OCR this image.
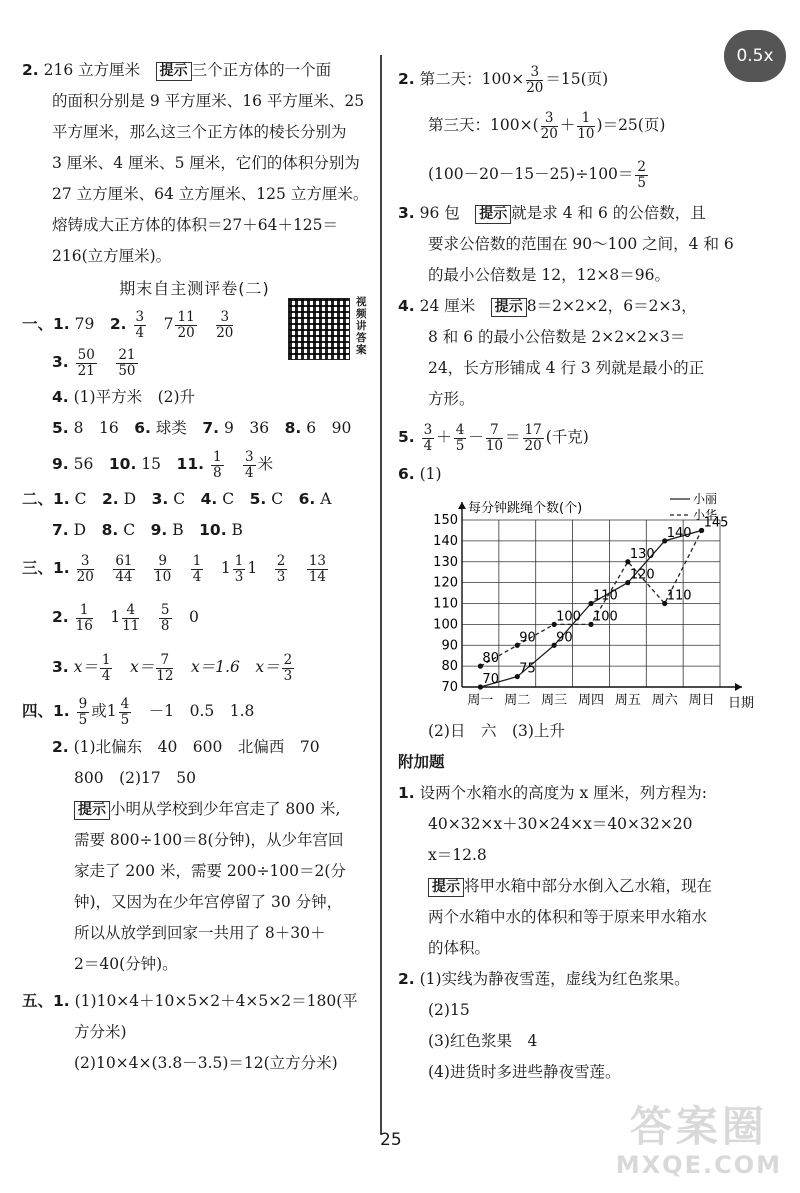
0.5x
2. 216 立方厘米　 提示 三个正方体的一个面
的面积分别是 9 平方厘米、16 平方厘米、25
平方厘米，那么这三个正方体的棱长分别为
3 厘米、4 厘米、5 厘米，它们的体积分别为
27 立方厘米、64 立方厘米、125 立方厘米。
熔铸成大正方体的体积＝27＋64＋125＝
216(立方厘米)。
期末自主测评卷(二)
一、1. 79　 2. $\frac{3}{4}$
　 $7 \frac{11}{20}$
　 $\frac{3}{20}$
3. $\frac{50}{21}$
　 $\frac{21}{50}$
4. (1)平方米　(2)升
5. 8　16　 6. 球类　 7. 9　36　 8. 6　90
9. 56　 10. 15　 11. $\frac{1}{8}$
　 $\frac{3}{4}$ 米
二、1. C　 2. D　 3. C　 4. C　 5. C　 6. A
7. D　 8. C　 9. B　 10. B
三、1. $\frac{3}{20}$
　 $\frac{61}{44}$
　 $\frac{9}{10}$
　 $\frac{1}{4}$
　 $1 \frac{1}{3} 1$　 $\frac{2}{3}$
　 $\frac{13}{14}$
2. $\frac{1}{16}$
　 $1 \frac{4}{11}$
　 $\frac{5}{8}$
　 0
3. $x= \frac{1}{4}$
　 $x= \frac{7}{12}$
　 x＝1.6　 $x= \frac{2}{3}$
四、1. $\frac{9}{5}$ 或$1 \frac{4}{5}$
　 －1　0.5　1.8
2. (1)北偏东　40　600　北偏西　70
800　(2)17　50
提示 小明从学校到少年宫走了 800 米,
需要 800÷100＝8(分钟)，从少年宫回
家走了 200 米，需要 200÷100＝2(分
钟)，又因为在少年宫停留了 30 分钟，
所以从放学到回家一共用了 8＋30＋
2＝40(分钟)。
五、1. (1)10×4＋10×5×2＋4×5×2＝180(平
方分米)
(2)10×4×(3.8－3.5)＝12(立方分米)
视频讲答案
2. 第二天：$100\times \frac{3}{20} =15$(页)
第三天：$100\times( \frac{3}{20} + \frac{1}{10} )=25$(页)
$(100-20-15-25)\div 100= \frac{2}{5}$
3. 96 包　 提示 就是求 4 和 6 的公倍数，且
要求公倍数的范围在 90～100 之间，4 和 6
的最小公倍数是 12，12×8＝96。
4. 24 厘米　 提示 8＝2×2×2，6＝2×3，
8 和 6 的最小公倍数是 2×2×2×3＝
24，长方形铺成 4 行 3 列就是最小的正
方形。
5. $\frac{3}{4} + \frac{4}{5} - \frac{7}{10} = \frac{17}{20}$ (千克)
6. (1)
70
80
90
100
110
120
130
140
150
周一 周二 周三 周四 周五 周六 周日
70
75
90
110
120
140
145
80
90
100 100
130
110
每分钟跳绳个数(个)
日期
小丽
小华
(2)日　六　(3)上升
附加题
1. 设两个水箱水的高度为 x 厘米，列方程为:
40×32×x＋30×24×x＝40×32×20
x＝12.8
提示 将甲水箱中部分水倒入乙水箱，现在
两个水箱中水的体积和等于原来甲水箱水
的体积。
2. (1)实线为静夜雪莲，虚线为红色浆果。
(2)15
(3)红色浆果　4
(4)进货时多进些静夜雪莲。
25	答案圈
MXQE.COM
